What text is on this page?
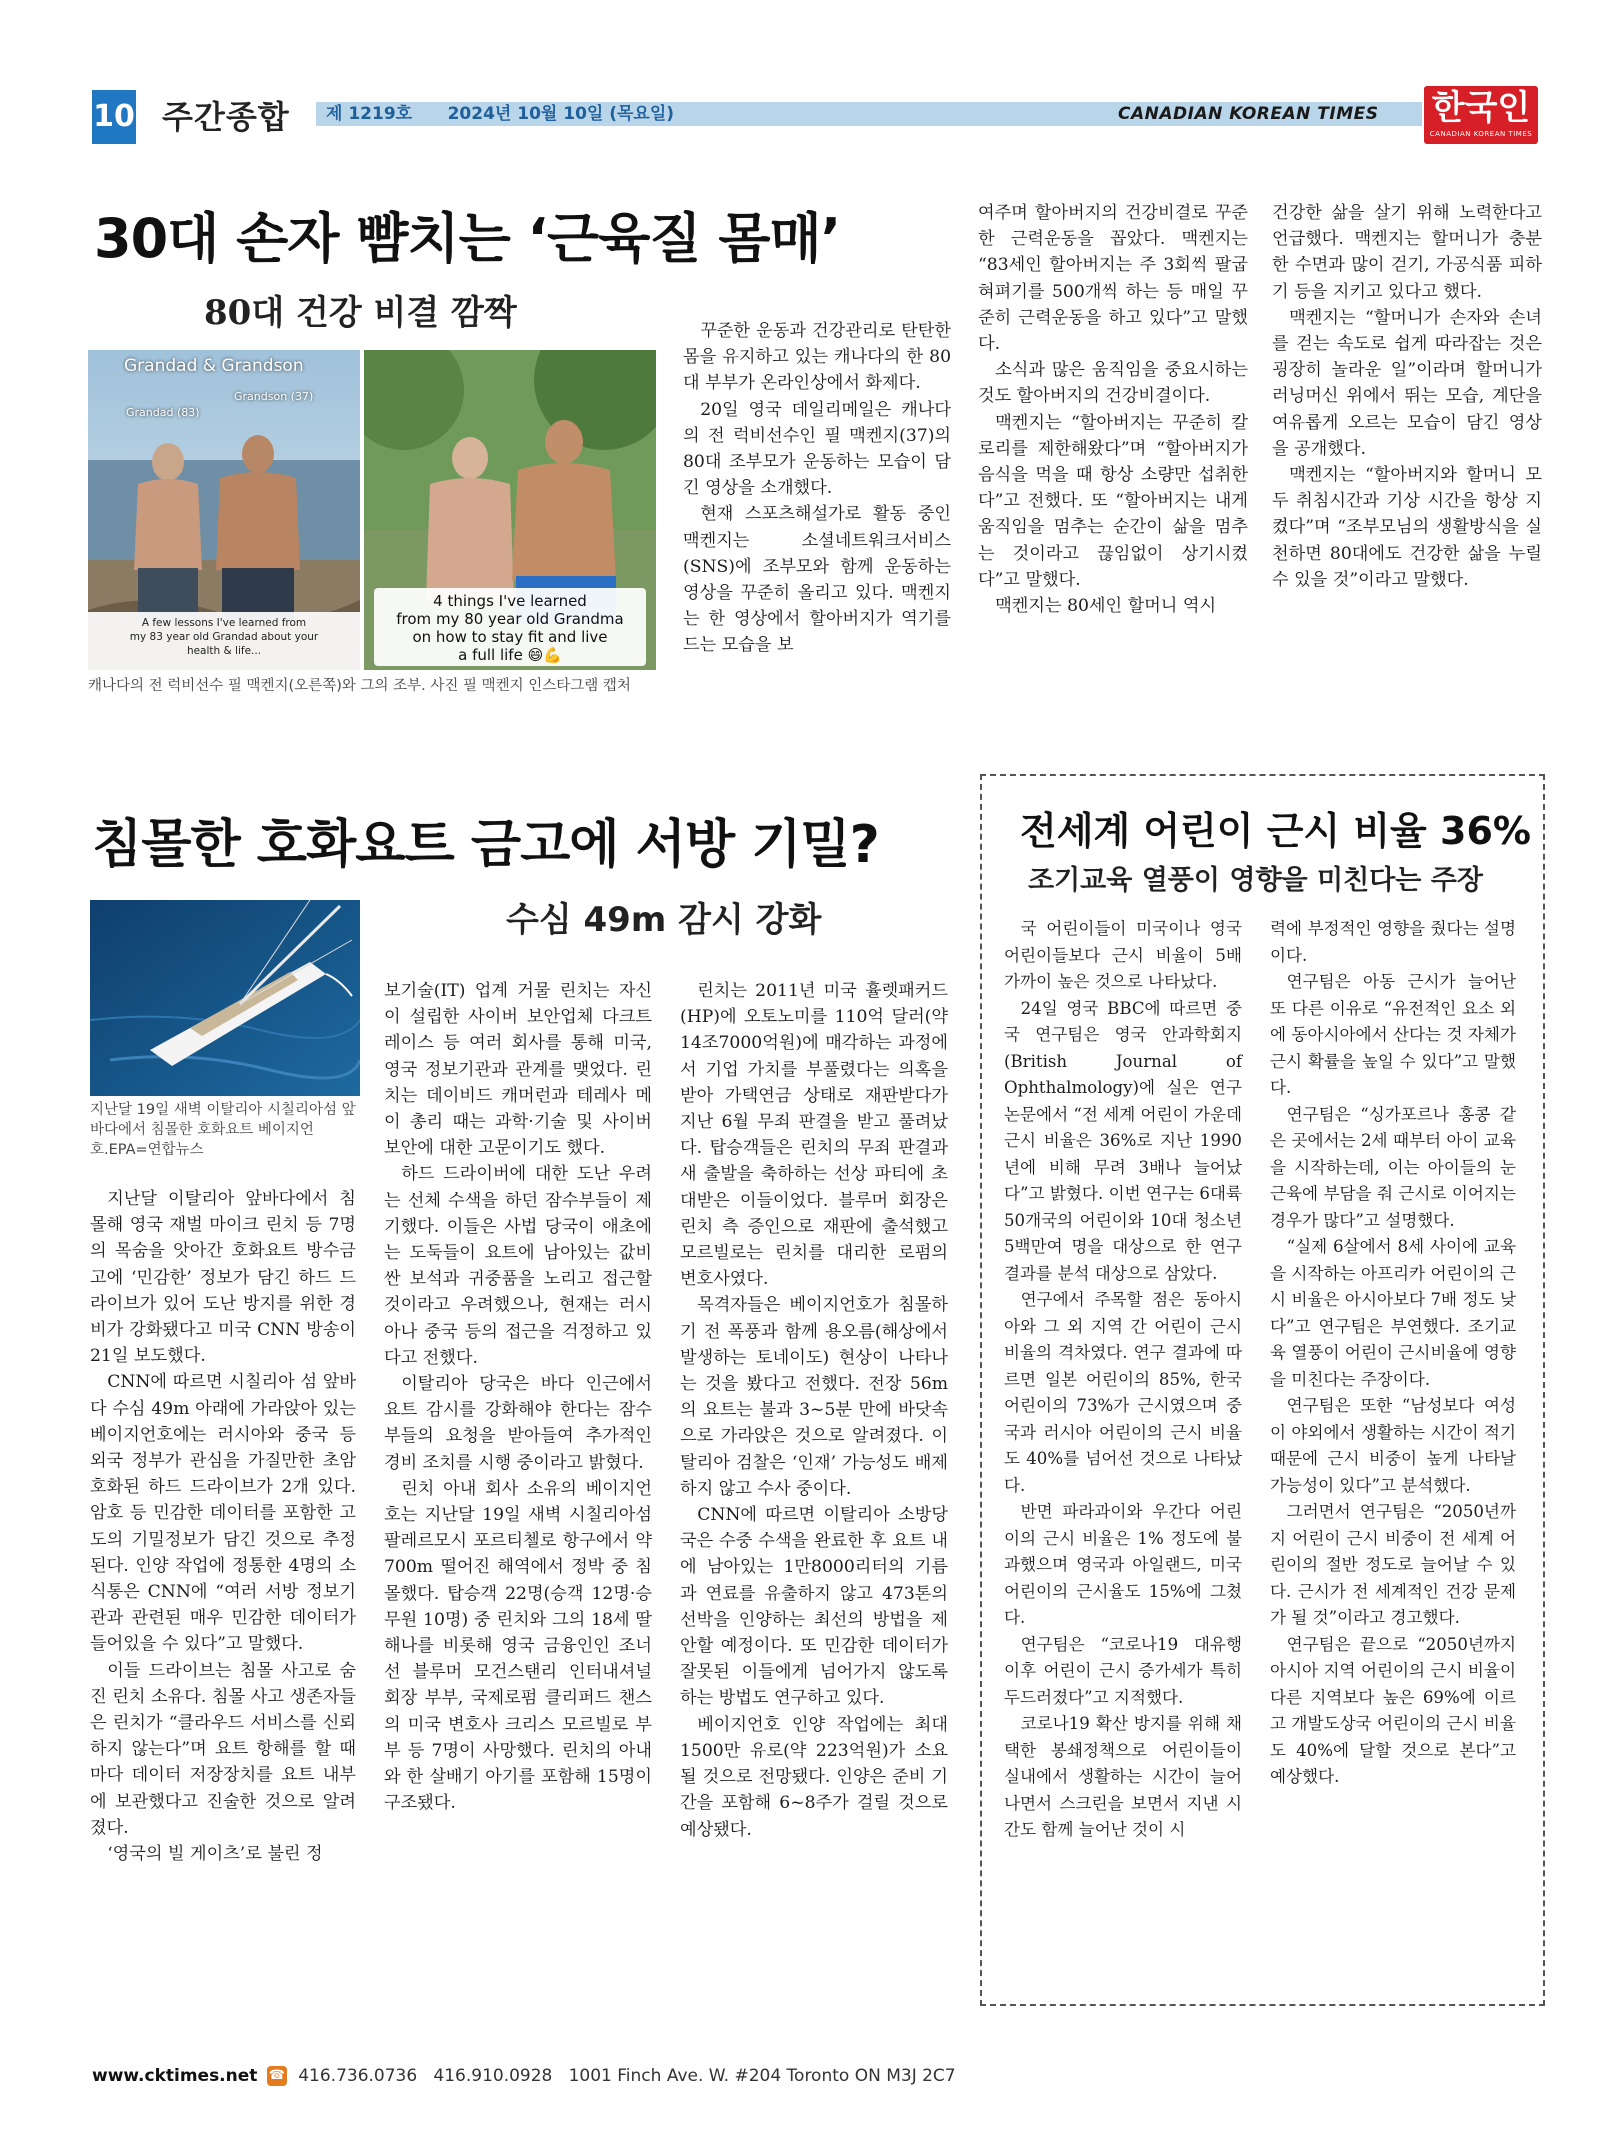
10 주간종합 제 1219호 2024년 10월 10일 (목요일)	CANADIAN KOREAN TIMES 한국인
CANADIAN KOREAN TIMES
30대 손자 뺨치는 ‘근육질 몸매’
80대 건강 비결 깜짝
Grandad & Grandson
Grandad (83)
Grandson (37)
A few lessons I've learned from
my 83 year old Grandad about your
health & life...
4 things I've learned
from my 80 year old Grandma
on how to stay fit and live
a full life 😄💪
캐나다의 전 럭비선수 필 맥켄지(오른쪽)와 그의 조부. 사진 필 맥켄지 인스타그램 캡처

꾸준한 운동과 건강관리로 탄탄한 몸을 유지하고 있는 캐나다의 한 80대 부부가 온라인상에서 화제다.

20일 영국 데일리메일은 캐나다의 전 럭비선수인 필 맥켄지(37)의 80대 조부모가 운동하는 모습이 담긴 영상을 소개했다.

현재 스포츠해설가로 활동 중인 맥켄지는 소셜네트워크서비스(SNS)에 조부모와 함께 운동하는 영상을 꾸준히 올리고 있다. 맥켄지는 한 영상에서 할아버지가 역기를 드는 모습을 보

여주며 할아버지의 건강비결로 꾸준한 근력운동을 꼽았다. 맥켄지는 “83세인 할아버지는 주 3회씩 팔굽혀펴기를 500개씩 하는 등 매일 꾸준히 근력운동을 하고 있다”고 말했다.

소식과 많은 움직임을 중요시하는 것도 할아버지의 건강비결이다.

맥켄지는 “할아버지는 꾸준히 칼로리를 제한해왔다”며 “할아버지가 음식을 먹을 때 항상 소량만 섭취한다”고 전했다. 또 “할아버지는 내게 움직임을 멈추는 순간이 삶을 멈추는 것이라고 끊임없이 상기시켰다”고 말했다.

맥켄지는 80세인 할머니 역시

건강한 삶을 살기 위해 노력한다고 언급했다. 맥켄지는 할머니가 충분한 수면과 많이 걷기, 가공식품 피하기 등을 지키고 있다고 했다.

맥켄지는 “할머니가 손자와 손녀를 걷는 속도로 쉽게 따라잡는 것은 굉장히 놀라운 일”이라며 할머니가 러닝머신 위에서 뛰는 모습, 계단을 여유롭게 오르는 모습이 담긴 영상을 공개했다.

맥켄지는 “할아버지와 할머니 모두 취침시간과 기상 시간을 항상 지켰다”며 “조부모님의 생활방식을 실천하면 80대에도 건강한 삶을 누릴 수 있을 것”이라고 말했다.

침몰한 호화요트 금고에 서방 기밀?
수심 49m 감시 강화
지난달 19일 새벽 이탈리아 시칠리아섬 앞바다에서 침몰한 호화요트 베이지언호.EPA=연합뉴스

지난달 이탈리아 앞바다에서 침몰해 영국 재벌 마이크 린치 등 7명의 목숨을 앗아간 호화요트 방수금고에 ‘민감한’ 정보가 담긴 하드 드라이브가 있어 도난 방지를 위한 경비가 강화됐다고 미국 CNN 방송이 21일 보도했다.

CNN에 따르면 시칠리아 섬 앞바다 수심 49m 아래에 가라앉아 있는 베이지언호에는 러시아와 중국 등 외국 정부가 관심을 가질만한 초암호화된 하드 드라이브가 2개 있다. 암호 등 민감한 데이터를 포함한 고도의 기밀정보가 담긴 것으로 추정된다. 인양 작업에 정통한 4명의 소식통은 CNN에 “여러 서방 정보기관과 관련된 매우 민감한 데이터가 들어있을 수 있다”고 말했다.

이들 드라이브는 침몰 사고로 숨진 린치 소유다. 침몰 사고 생존자들은 린치가 “클라우드 서비스를 신뢰하지 않는다”며 요트 항해를 할 때마다 데이터 저장장치를 요트 내부에 보관했다고 진술한 것으로 알려졌다.

‘영국의 빌 게이츠’로 불린 정

보기술(IT) 업계 거물 린치는 자신이 설립한 사이버 보안업체 다크트레이스 등 여러 회사를 통해 미국, 영국 정보기관과 관계를 맺었다. 린치는 데이비드 캐머런과 테레사 메이 총리 때는 과학·기술 및 사이버 보안에 대한 고문이기도 했다.

하드 드라이버에 대한 도난 우려는 선체 수색을 하던 잠수부들이 제기했다. 이들은 사법 당국이 애초에는 도둑들이 요트에 남아있는 값비싼 보석과 귀중품을 노리고 접근할 것이라고 우려했으나, 현재는 러시아나 중국 등의 접근을 걱정하고 있다고 전했다.

이탈리아 당국은 바다 인근에서 요트 감시를 강화해야 한다는 잠수부들의 요청을 받아들여 추가적인 경비 조치를 시행 중이라고 밝혔다.

린치 아내 회사 소유의 베이지언호는 지난달 19일 새벽 시칠리아섬 팔레르모시 포르티첼로 항구에서 약 700m 떨어진 해역에서 정박 중 침몰했다. 탑승객 22명(승객 12명·승무원 10명) 중 린치와 그의 18세 딸 해나를 비롯해 영국 금융인인 조너선 블루머 모건스탠리 인터내셔널 회장 부부, 국제로펌 클리퍼드 챈스의 미국 변호사 크리스 모르빌로 부부 등 7명이 사망했다. 린치의 아내와 한 살배기 아기를 포함해 15명이 구조됐다.

린치는 2011년 미국 휼렛패커드(HP)에 오토노미를 110억 달러(약 14조7000억원)에 매각하는 과정에서 기업 가치를 부풀렸다는 의혹을 받아 가택연금 상태로 재판받다가 지난 6월 무죄 판결을 받고 풀려났다. 탑승객들은 린치의 무죄 판결과 새 출발을 축하하는 선상 파티에 초대받은 이들이었다. 블루머 회장은 린치 측 증인으로 재판에 출석했고 모르빌로는 린치를 대리한 로펌의 변호사였다.

목격자들은 베이지언호가 침몰하기 전 폭풍과 함께 용오름(해상에서 발생하는 토네이도) 현상이 나타나는 것을 봤다고 전했다. 전장 56m의 요트는 불과 3~5분 만에 바닷속으로 가라앉은 것으로 알려졌다. 이탈리아 검찰은 ‘인재’ 가능성도 배제하지 않고 수사 중이다.

CNN에 따르면 이탈리아 소방당국은 수중 수색을 완료한 후 요트 내에 남아있는 1만8000리터의 기름과 연료를 유출하지 않고 473톤의 선박을 인양하는 최선의 방법을 제안할 예정이다. 또 민감한 데이터가 잘못된 이들에게 넘어가지 않도록 하는 방법도 연구하고 있다.

베이지언호 인양 작업에는 최대 1500만 유로(약 223억원)가 소요될 것으로 전망됐다. 인양은 준비 기간을 포함해 6~8주가 걸릴 것으로 예상됐다.

전세계 어린이 근시 비율 36%
조기교육 열풍이 영향을 미친다는 주장

국 어린이들이 미국이나 영국 어린이들보다 근시 비율이 5배 가까이 높은 것으로 나타났다.

24일 영국 BBC에 따르면 중국 연구팀은 영국 안과학회지(British Journal of Ophthalmology)에 실은 연구논문에서 “전 세계 어린이 가운데 근시 비율은 36%로 지난 1990년에 비해 무려 3배나 늘어났다”고 밝혔다. 이번 연구는 6대륙 50개국의 어린이와 10대 청소년 5백만여 명을 대상으로 한 연구 결과를 분석 대상으로 삼았다.

연구에서 주목할 점은 동아시아와 그 외 지역 간 어린이 근시 비율의 격차였다. 연구 결과에 따르면 일본 어린이의 85%, 한국 어린이의 73%가 근시였으며 중국과 러시아 어린이의 근시 비율도 40%를 넘어선 것으로 나타났다.

반면 파라과이와 우간다 어린이의 근시 비율은 1% 정도에 불과했으며 영국과 아일랜드, 미국 어린이의 근시율도 15%에 그쳤다.

연구팀은 “코로나19 대유행 이후 어린이 근시 증가세가 특히 두드러졌다”고 지적했다.

코로나19 확산 방지를 위해 채택한 봉쇄정책으로 어린이들이 실내에서 생활하는 시간이 늘어나면서 스크린을 보면서 지낸 시간도 함께 늘어난 것이 시

력에 부정적인 영향을 줬다는 설명이다.

연구팀은 아동 근시가 늘어난 또 다른 이유로 “유전적인 요소 외에 동아시아에서 산다는 것 자체가 근시 확률을 높일 수 있다”고 말했다.

연구팀은 “싱가포르나 홍콩 같은 곳에서는 2세 때부터 아이 교육을 시작하는데, 이는 아이들의 눈 근육에 부담을 줘 근시로 이어지는 경우가 많다”고 설명했다.

“실제 6살에서 8세 사이에 교육을 시작하는 아프리카 어린이의 근시 비율은 아시아보다 7배 정도 낮다”고 연구팀은 부연했다. 조기교육 열풍이 어린이 근시비율에 영향을 미친다는 주장이다.

연구팀은 또한 “남성보다 여성이 야외에서 생활하는 시간이 적기 때문에 근시 비중이 높게 나타날 가능성이 있다”고 분석했다.

그러면서 연구팀은 “2050년까지 어린이 근시 비중이 전 세계 어린이의 절반 정도로 늘어날 수 있다. 근시가 전 세계적인 건강 문제가 될 것”이라고 경고했다.

연구팀은 끝으로 “2050년까지 아시아 지역 어린이의 근시 비율이 다른 지역보다 높은 69%에 이르고 개발도상국 어린이의 근시 비율도 40%에 달할 것으로 본다”고 예상했다.

www.cktimes.net ☎ 416.736.0736 416.910.0928 1001 Finch Ave. W. #204 Toronto ON M3J 2C7
